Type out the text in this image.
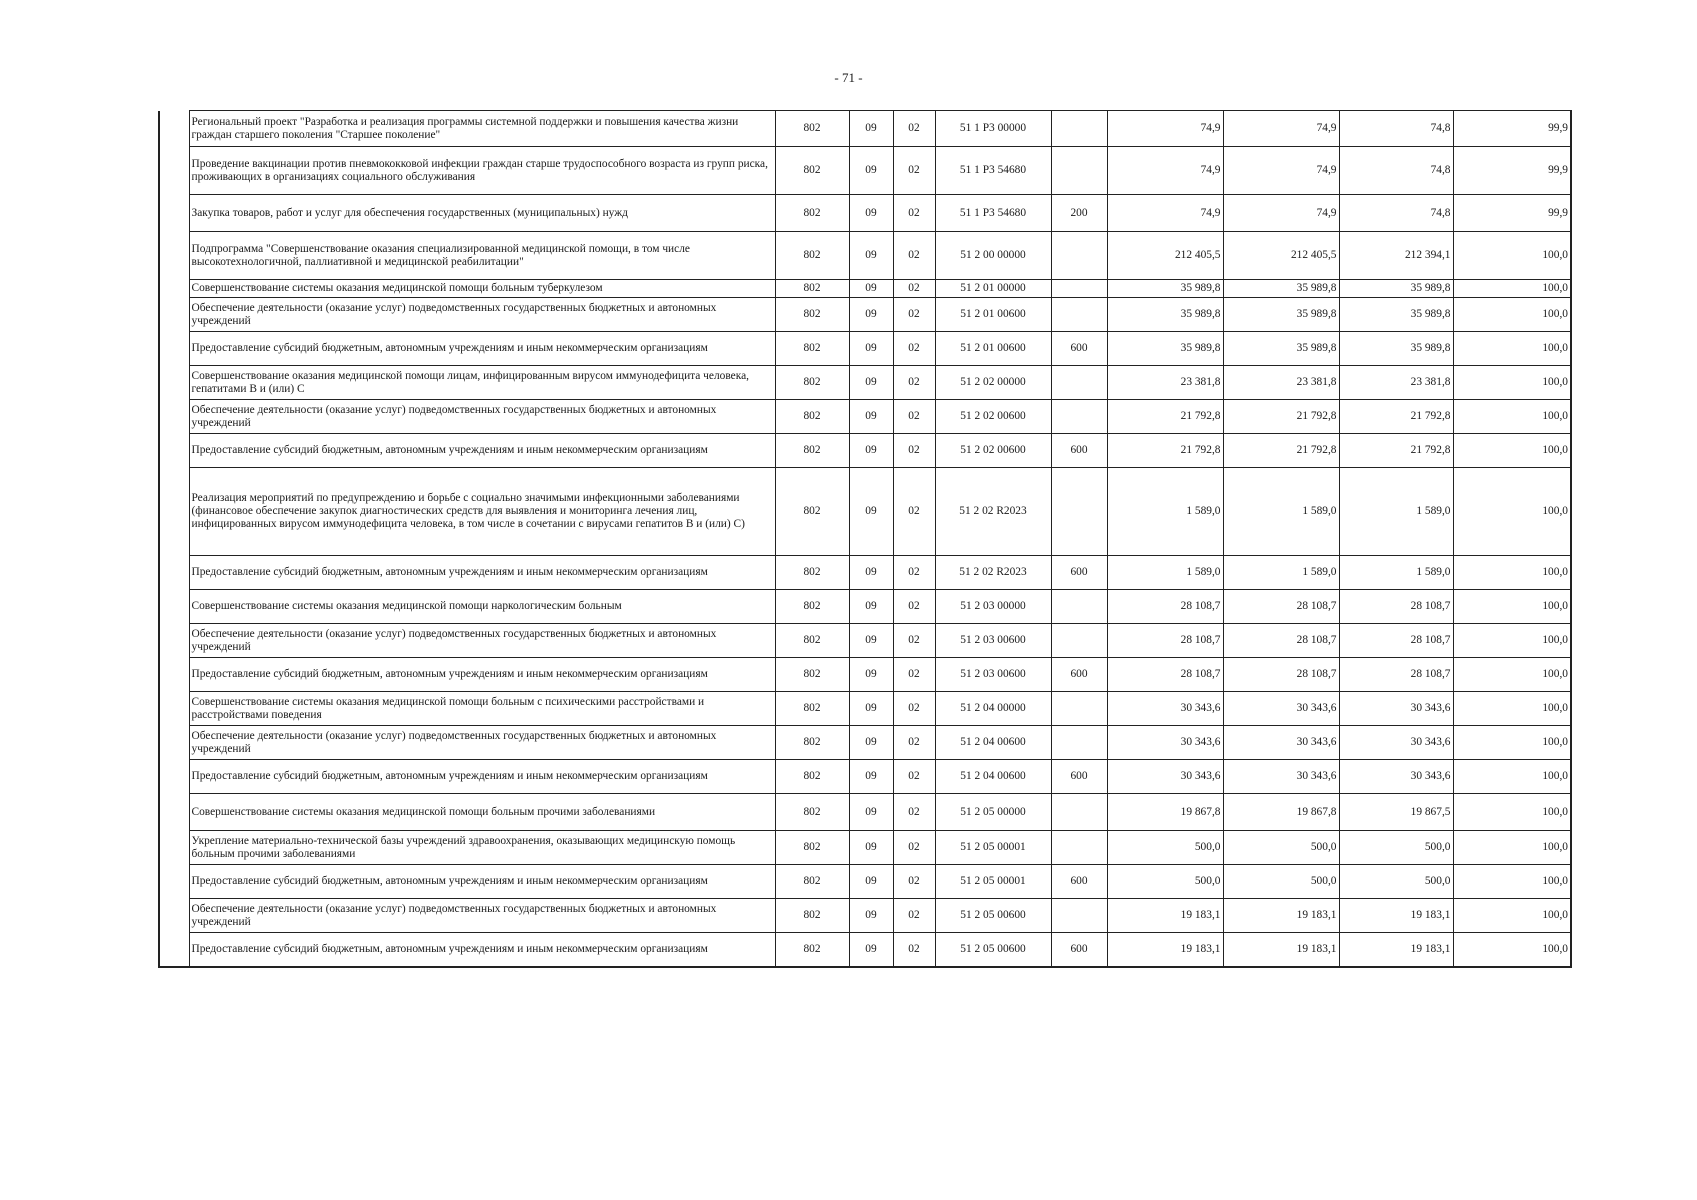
- 71 -
	Региональный проект "Разработка и реализация программы системной поддержки и повышения качества жизни граждан старшего поколения "Старшее поколение"	802	09	02	51 1 Р3 00000		74,9	74,9	74,8	99,9
	Проведение вакцинации против пневмококковой инфекции граждан старше трудоспособного возраста из групп риска, проживающих в организациях социального обслуживания	802	09	02	51 1 Р3 54680		74,9	74,9	74,8	99,9
	Закупка товаров, работ и услуг для обеспечения государственных (муниципальных) нужд	802	09	02	51 1 Р3 54680	200	74,9	74,9	74,8	99,9
	Подпрограмма "Совершенствование оказания специализированной медицинской помощи, в том числе высокотехнологичной, паллиативной и медицинской реабилитации"	802	09	02	51 2 00 00000		212 405,5	212 405,5	212 394,1	100,0
	Совершенствование системы оказания медицинской помощи больным туберкулезом	802	09	02	51 2 01 00000		35 989,8	35 989,8	35 989,8	100,0
	Обеспечение деятельности (оказание услуг) подведомственных государственных бюджетных и автономных учреждений	802	09	02	51 2 01 00600		35 989,8	35 989,8	35 989,8	100,0
	Предоставление субсидий бюджетным, автономным учреждениям и иным некоммерческим организациям	802	09	02	51 2 01 00600	600	35 989,8	35 989,8	35 989,8	100,0
	Совершенствование оказания медицинской помощи лицам, инфицированным вирусом иммунодефицита человека, гепатитами В и (или) С	802	09	02	51 2 02 00000		23 381,8	23 381,8	23 381,8	100,0
	Обеспечение деятельности (оказание услуг) подведомственных государственных бюджетных и автономных учреждений	802	09	02	51 2 02 00600		21 792,8	21 792,8	21 792,8	100,0
	Предоставление субсидий бюджетным, автономным учреждениям и иным некоммерческим организациям	802	09	02	51 2 02 00600	600	21 792,8	21 792,8	21 792,8	100,0
	Реализация мероприятий по предупреждению и борьбе с социально значимыми инфекционными заболеваниями (финансовое обеспечение закупок диагностических средств для выявления и мониторинга лечения лиц, инфицированных вирусом иммунодефицита человека, в том числе в сочетании с вирусами гепатитов В и (или) С)	802	09	02	51 2 02 R2023		1 589,0	1 589,0	1 589,0	100,0
	Предоставление субсидий бюджетным, автономным учреждениям и иным некоммерческим организациям	802	09	02	51 2 02 R2023	600	1 589,0	1 589,0	1 589,0	100,0
	Совершенствование системы оказания медицинской помощи наркологическим больным	802	09	02	51 2 03 00000		28 108,7	28 108,7	28 108,7	100,0
	Обеспечение деятельности (оказание услуг) подведомственных государственных бюджетных и автономных учреждений	802	09	02	51 2 03 00600		28 108,7	28 108,7	28 108,7	100,0
	Предоставление субсидий бюджетным, автономным учреждениям и иным некоммерческим организациям	802	09	02	51 2 03 00600	600	28 108,7	28 108,7	28 108,7	100,0
	Совершенствование системы оказания медицинской помощи больным с психическими расстройствами и расстройствами поведения	802	09	02	51 2 04 00000		30 343,6	30 343,6	30 343,6	100,0
	Обеспечение деятельности (оказание услуг) подведомственных государственных бюджетных и автономных учреждений	802	09	02	51 2 04 00600		30 343,6	30 343,6	30 343,6	100,0
	Предоставление субсидий бюджетным, автономным учреждениям и иным некоммерческим организациям	802	09	02	51 2 04 00600	600	30 343,6	30 343,6	30 343,6	100,0
	Совершенствование системы оказания медицинской помощи больным прочими заболеваниями	802	09	02	51 2 05 00000		19 867,8	19 867,8	19 867,5	100,0
	Укрепление материально-технической базы учреждений здравоохранения, оказывающих медицинскую помощь больным прочими заболеваниями	802	09	02	51 2 05 00001		500,0	500,0	500,0	100,0
	Предоставление субсидий бюджетным, автономным учреждениям и иным некоммерческим организациям	802	09	02	51 2 05 00001	600	500,0	500,0	500,0	100,0
	Обеспечение деятельности (оказание услуг) подведомственных государственных бюджетных и автономных учреждений	802	09	02	51 2 05 00600		19 183,1	19 183,1	19 183,1	100,0
	Предоставление субсидий бюджетным, автономным учреждениям и иным некоммерческим организациям	802	09	02	51 2 05 00600	600	19 183,1	19 183,1	19 183,1	100,0
